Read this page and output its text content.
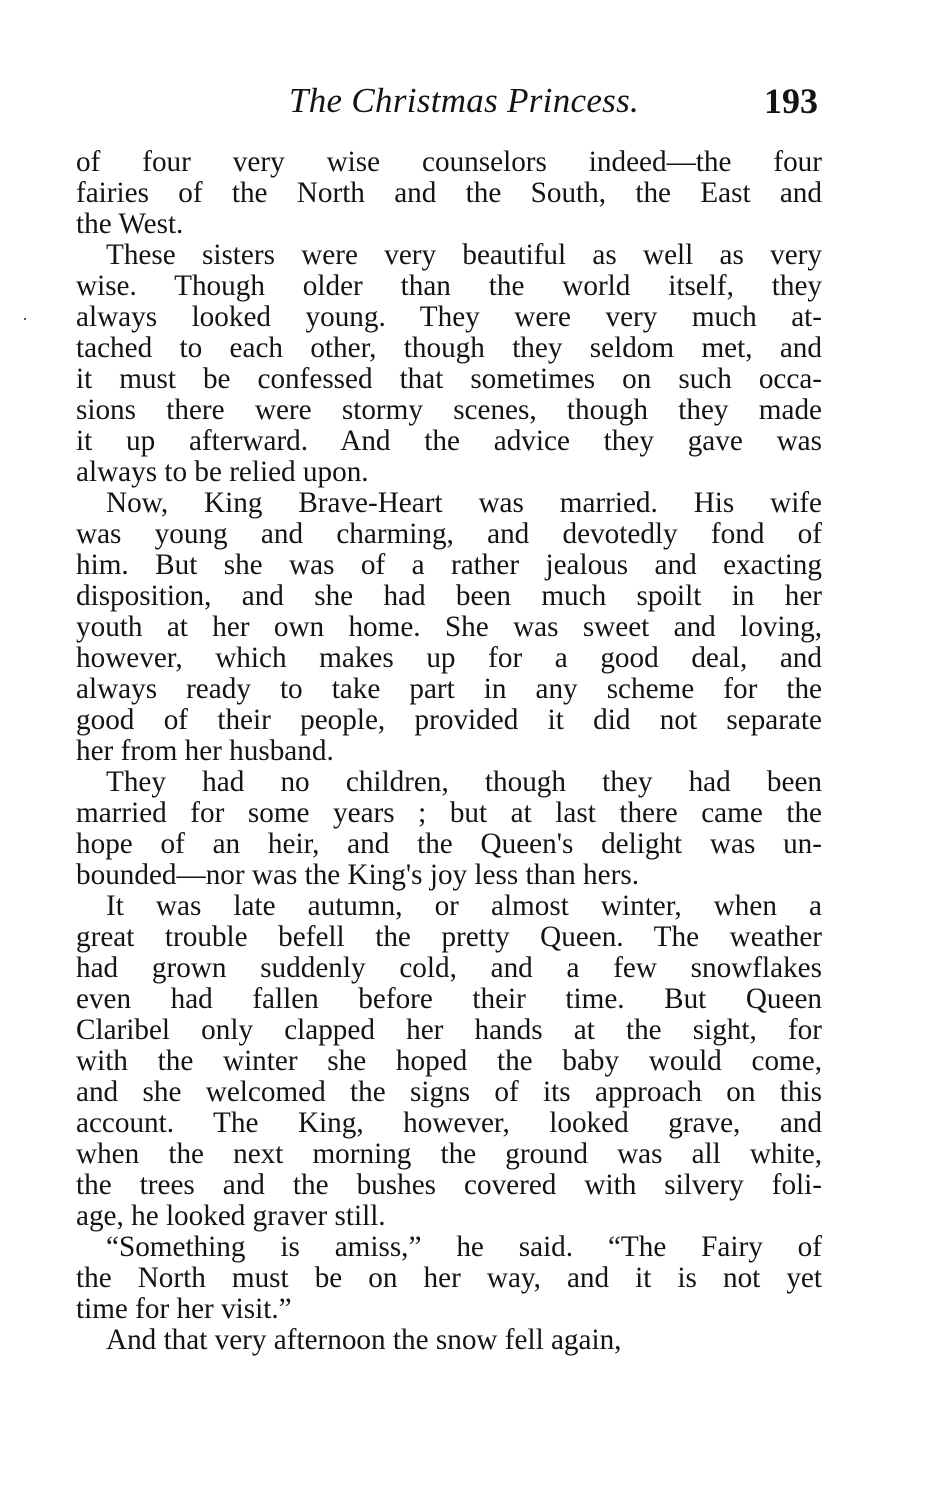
The Christmas Princess.	193
of four very wise counselors indeed—the four
fairies of the North and the South, the East and
the West.
These sisters were very beautiful as well as very
wise. Though older than the world itself, they
always looked young. They were very much at-
tached to each other, though they seldom met, and
it must be confessed that sometimes on such occa-
sions there were stormy scenes, though they made
it up afterward. And the advice they gave was
always to be relied upon.
Now, King Brave-Heart was married. His wife
was young and charming, and devotedly fond of
him. But she was of a rather jealous and exacting
disposition, and she had been much spoilt in her
youth at her own home. She was sweet and loving,
however, which makes up for a good deal, and
always ready to take part in any scheme for the
good of their people, provided it did not separate
her from her husband.
They had no children, though they had been
married for some years ; but at last there came the
hope of an heir, and the Queen's delight was un-
bounded—nor was the King's joy less than hers.
It was late autumn, or almost winter, when a
great trouble befell the pretty Queen. The weather
had grown suddenly cold, and a few snowflakes
even had fallen before their time. But Queen
Claribel only clapped her hands at the sight, for
with the winter she hoped the baby would come,
and she welcomed the signs of its approach on this
account. The King, however, looked grave, and
when the next morning the ground was all white,
the trees and the bushes covered with silvery foli-
age, he looked graver still.
“Something is amiss,” he said. “The Fairy of
the North must be on her way, and it is not yet
time for her visit.”
And that very afternoon the snow fell again,
